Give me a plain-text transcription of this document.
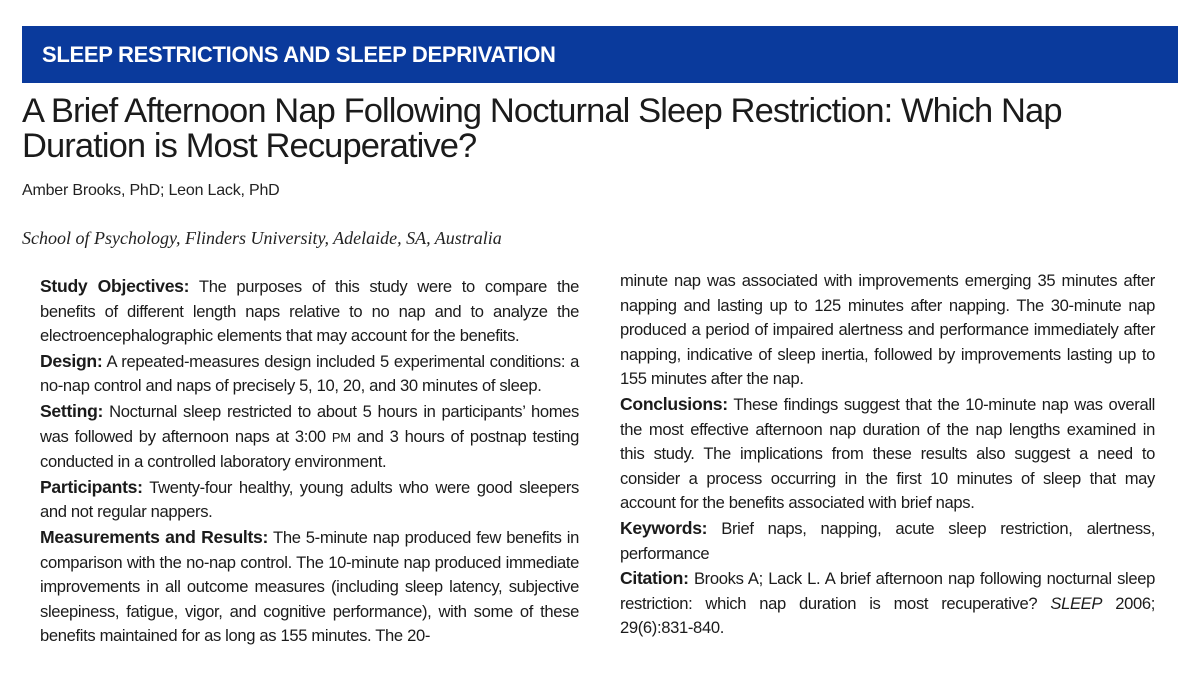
SLEEP RESTRICTIONS AND SLEEP DEPRIVATION
A Brief Afternoon Nap Following Nocturnal Sleep Restriction: Which Nap Duration is Most Recuperative?
Amber Brooks, PhD; Leon Lack, PhD
School of Psychology, Flinders University, Adelaide, SA, Australia
Study Objectives: The purposes of this study were to compare the benefits of different length naps relative to no nap and to analyze the electroencephalographic elements that may account for the benefits.
Design: A repeated-measures design included 5 experimental conditions: a no-nap control and naps of precisely 5, 10, 20, and 30 minutes of sleep.
Setting: Nocturnal sleep restricted to about 5 hours in participants’ homes was followed by afternoon naps at 3:00 PM and 3 hours of postnap testing conducted in a controlled laboratory environment.
Participants: Twenty-four healthy, young adults who were good sleepers and not regular nappers.
Measurements and Results: The 5-minute nap produced few benefits in comparison with the no-nap control. The 10-minute nap produced immediate improvements in all outcome measures (including sleep latency, subjective sleepiness, fatigue, vigor, and cognitive performance), with some of these benefits maintained for as long as 155 minutes. The 20-
minute nap was associated with improvements emerging 35 minutes after napping and lasting up to 125 minutes after napping. The 30-minute nap produced a period of impaired alertness and performance immediately after napping, indicative of sleep inertia, followed by improvements lasting up to 155 minutes after the nap.
Conclusions: These findings suggest that the 10-minute nap was overall the most effective afternoon nap duration of the nap lengths examined in this study. The implications from these results also suggest a need to consider a process occurring in the first 10 minutes of sleep that may account for the benefits associated with brief naps.
Keywords: Brief naps, napping, acute sleep restriction, alertness, performance
Citation: Brooks A; Lack L. A brief afternoon nap following nocturnal sleep restriction: which nap duration is most recuperative? SLEEP 2006; 29(6):831-840.
